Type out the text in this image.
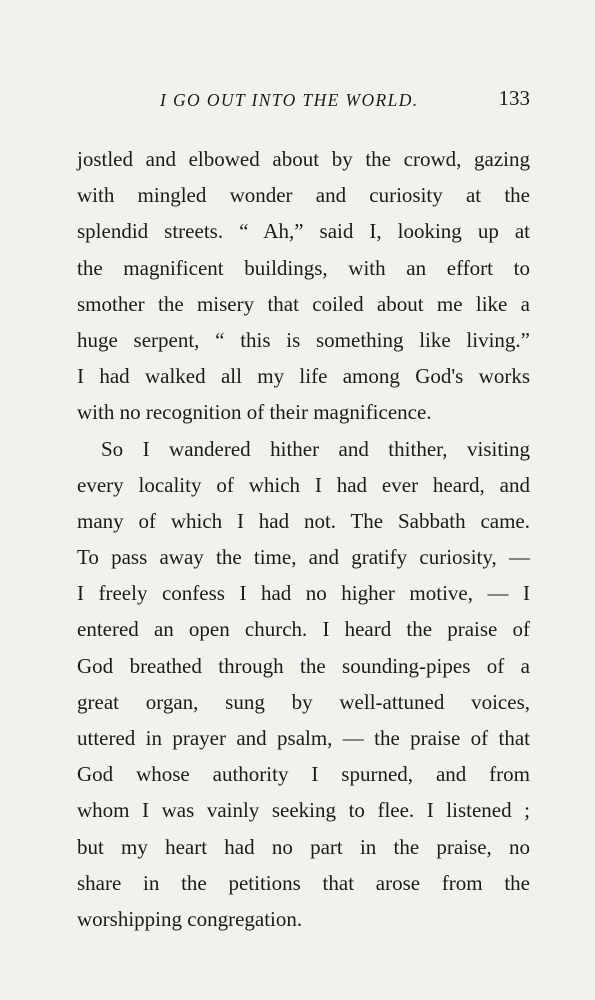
I GO OUT INTO THE WORLD.	133
jostled and elbowed about by the crowd, gazing
with mingled wonder and curiosity at the
splendid streets. “ Ah,” said I, looking up at
the magnificent buildings, with an effort to
smother the misery that coiled about me like a
huge serpent, “ this is something like living.”
I had walked all my life among God's works
with no recognition of their magnificence.
So I wandered hither and thither, visiting
every locality of which I had ever heard, and
many of which I had not. The Sabbath came.
To pass away the time, and gratify curiosity, —
I freely confess I had no higher motive, — I
entered an open church. I heard the praise of
God breathed through the sounding-pipes of a
great organ, sung by well-attuned voices,
uttered in prayer and psalm, — the praise of that
God whose authority I spurned, and from
whom I was vainly seeking to flee. I listened ;
but my heart had no part in the praise, no
share in the petitions that arose from the
worshipping congregation.
